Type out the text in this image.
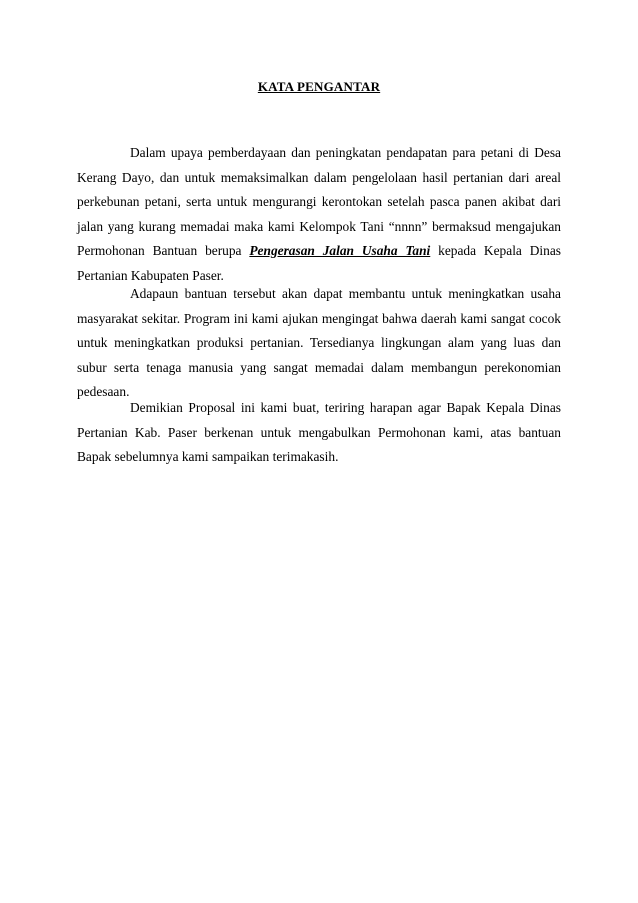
KATA PENGANTAR

Dalam upaya pemberdayaan dan peningkatan pendapatan para petani di Desa Kerang Dayo, dan untuk memaksimalkan dalam pengelolaan hasil pertanian dari areal perkebunan petani, serta untuk mengurangi kerontokan setelah pasca panen akibat dari jalan yang kurang memadai maka kami Kelompok Tani “nnnn” bermaksud mengajukan Permohonan Bantuan berupa Pengerasan Jalan Usaha Tani kepada Kepala Dinas Pertanian Kabupaten Paser.

Adapaun bantuan tersebut akan dapat membantu untuk meningkatkan usaha masyarakat sekitar. Program ini kami ajukan mengingat bahwa daerah kami sangat cocok untuk meningkatkan produksi pertanian. Tersedianya lingkungan alam yang luas dan subur serta tenaga manusia yang sangat memadai dalam membangun perekonomian pedesaan.

Demikian Proposal ini kami buat, teriring harapan agar Bapak Kepala Dinas Pertanian Kab. Paser berkenan untuk mengabulkan Permohonan kami, atas bantuan Bapak sebelumnya kami sampaikan terimakasih.
